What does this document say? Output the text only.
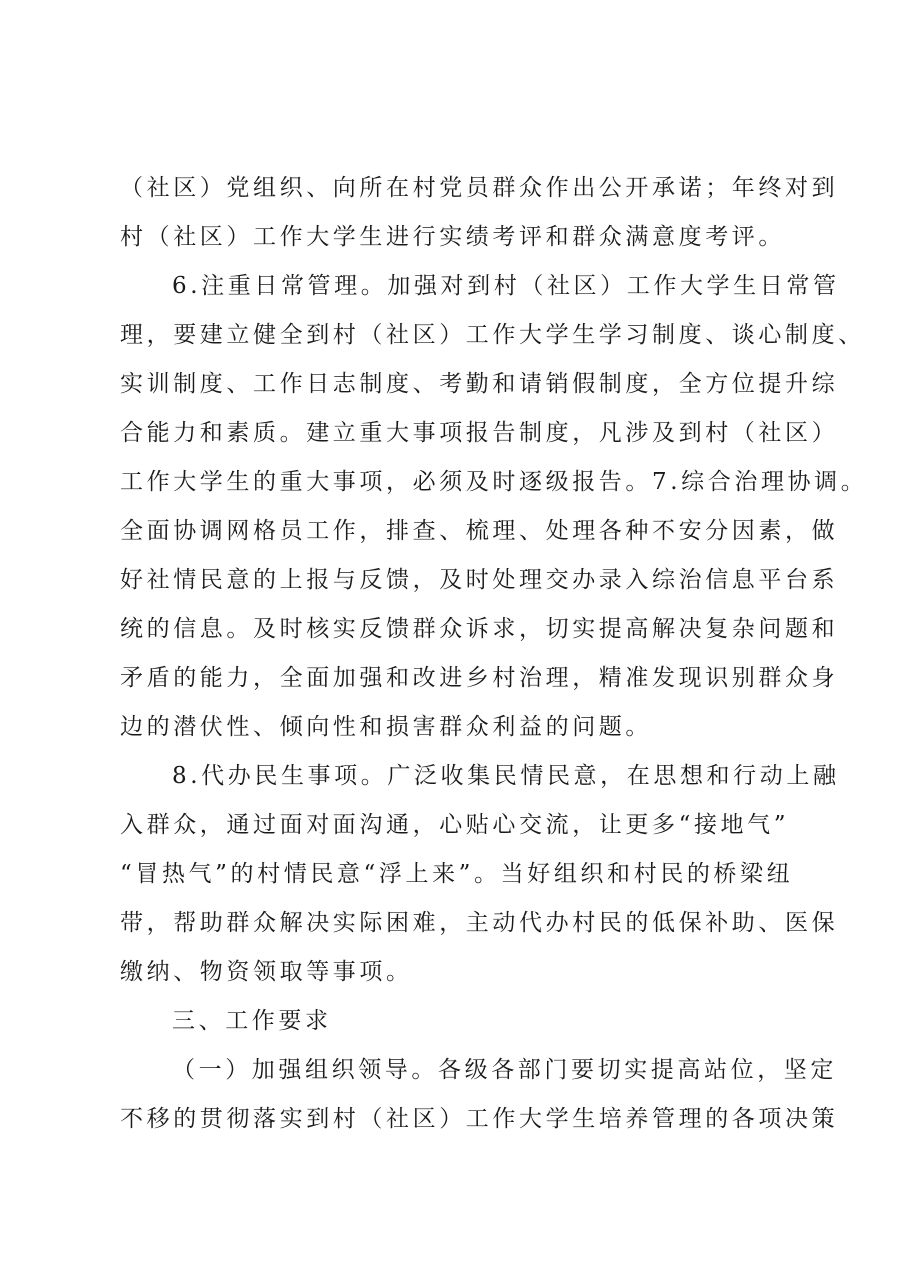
（社区）党组织、向所在村党员群众作出公开承诺；年终对到
村（社区）工作大学生进行实绩考评和群众满意度考评。
6.注重日常管理。加强对到村（社区）工作大学生日常管
理，要建立健全到村（社区）工作大学生学习制度、谈心制度、
实训制度、工作日志制度、考勤和请销假制度，全方位提升综
合能力和素质。建立重大事项报告制度，凡涉及到村（社区）
工作大学生的重大事项，必须及时逐级报告。7.综合治理协调。
全面协调网格员工作，排查、梳理、处理各种不安分因素，做
好社情民意的上报与反馈，及时处理交办录入综治信息平台系
统的信息。及时核实反馈群众诉求，切实提高解决复杂问题和
矛盾的能力，全面加强和改进乡村治理，精准发现识别群众身
边的潜伏性、倾向性和损害群众利益的问题。
8.代办民生事项。广泛收集民情民意，在思想和行动上融
入群众，通过面对面沟通，心贴心交流，让更多“接地气”
“冒热气”的村情民意“浮上来”。当好组织和村民的桥梁纽
带，帮助群众解决实际困难，主动代办村民的低保补助、医保
缴纳、物资领取等事项。
三、工作要求
（一）加强组织领导。各级各部门要切实提高站位，坚定
不移的贯彻落实到村（社区）工作大学生培养管理的各项决策
